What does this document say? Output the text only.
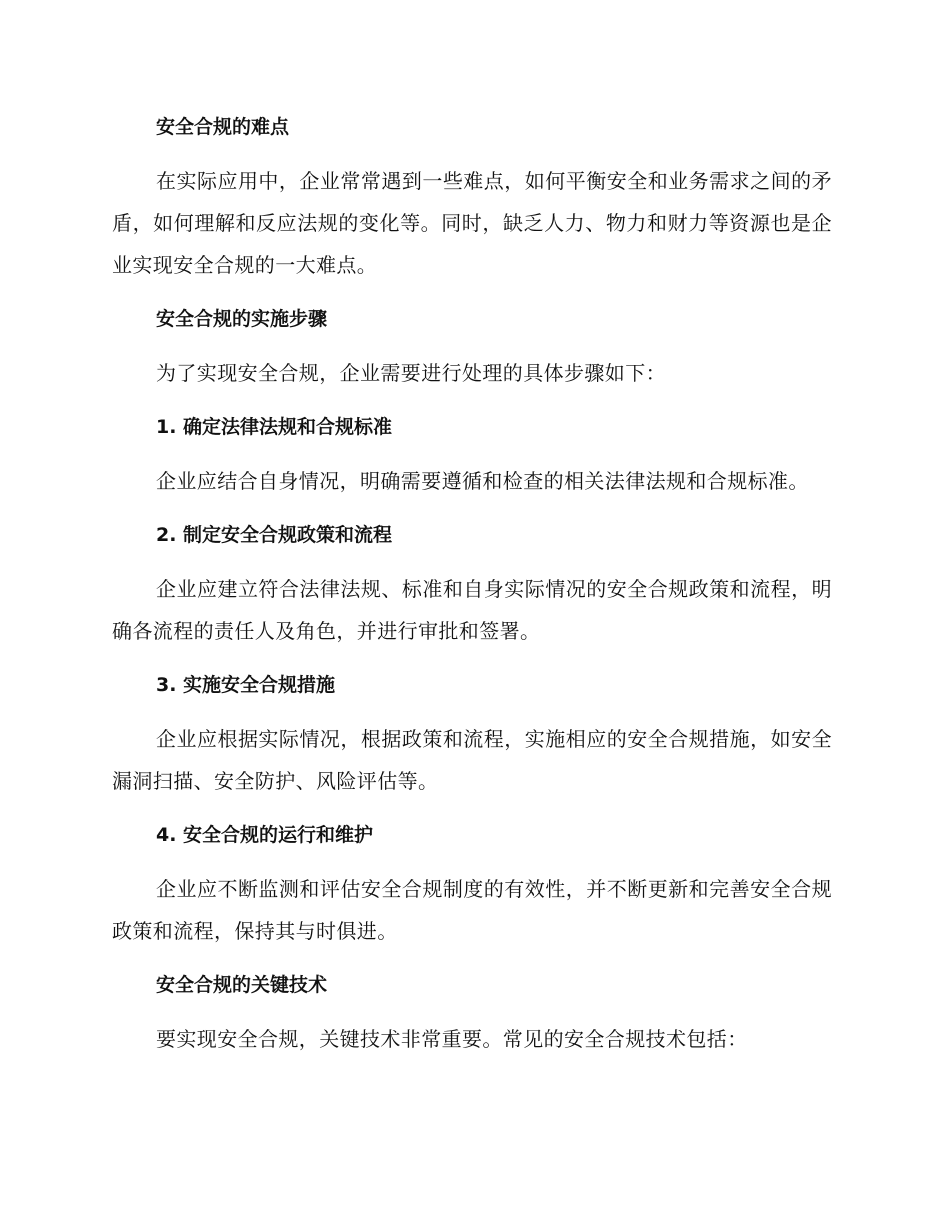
安全合规的难点

在实际应用中，企业常常遇到一些难点，如何平衡安全和业务需求之间的矛盾，如何理解和反应法规的变化等。同时，缺乏人力、物力和财力等资源也是企业实现安全合规的一大难点。

安全合规的实施步骤

为了实现安全合规，企业需要进行处理的具体步骤如下：

1. 确定法律法规和合规标准

企业应结合自身情况，明确需要遵循和检查的相关法律法规和合规标准。

2. 制定安全合规政策和流程

企业应建立符合法律法规、标准和自身实际情况的安全合规政策和流程，明确各流程的责任人及角色，并进行审批和签署。

3. 实施安全合规措施

企业应根据实际情况，根据政策和流程，实施相应的安全合规措施，如安全漏洞扫描、安全防护、风险评估等。

4. 安全合规的运行和维护

企业应不断监测和评估安全合规制度的有效性，并不断更新和完善安全合规政策和流程，保持其与时俱进。

安全合规的关键技术

要实现安全合规，关键技术非常重要。常见的安全合规技术包括：
